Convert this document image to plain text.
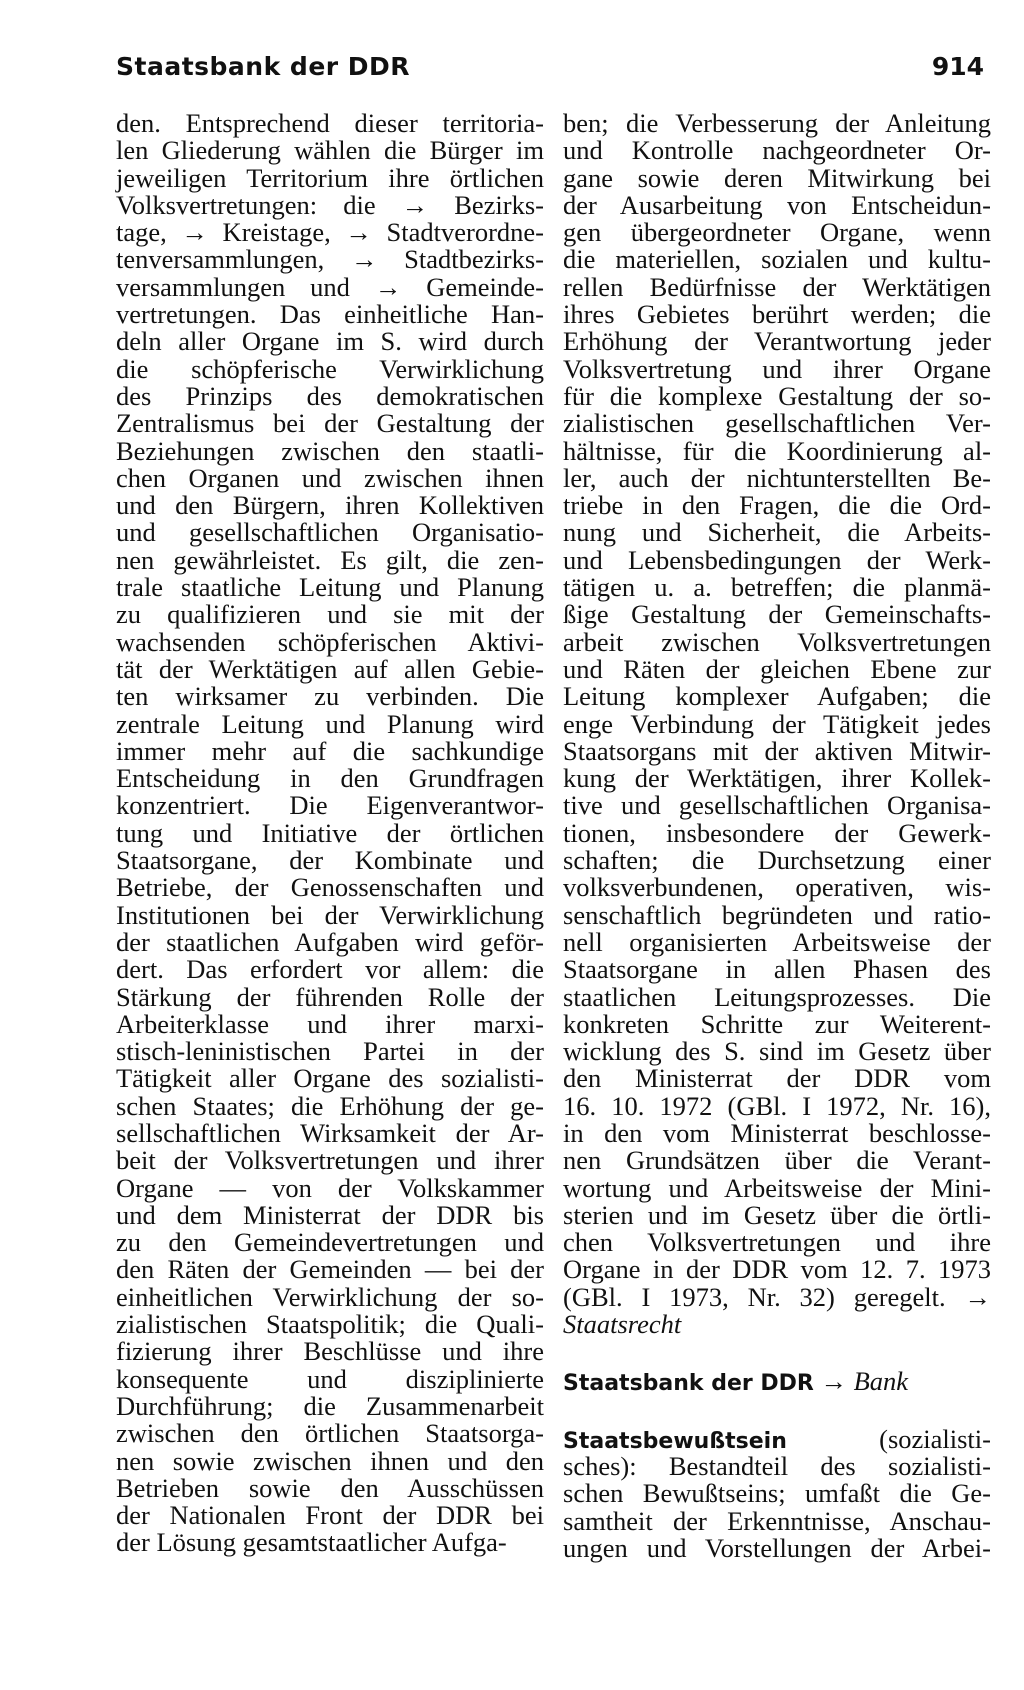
Staatsbank der DDR	914
den. Entsprechend dieser territoria-
len Gliederung wählen die Bürger im
jeweiligen Territorium ihre örtlichen
Volksvertretungen: die → Bezirks-
tage, → Kreistage, → Stadtverordne-
tenversammlungen, → Stadtbezirks-
versammlungen und → Gemeinde-
vertretungen. Das einheitliche Han-
deln aller Organe im S. wird durch
die schöpferische Verwirklichung
des Prinzips des demokratischen
Zentralismus bei der Gestaltung der
Beziehungen zwischen den staatli-
chen Organen und zwischen ihnen
und den Bürgern, ihren Kollektiven
und gesellschaftlichen Organisatio-
nen gewährleistet. Es gilt, die zen-
trale staatliche Leitung und Planung
zu qualifizieren und sie mit der
wachsenden schöpferischen Aktivi-
tät der Werktätigen auf allen Gebie-
ten wirksamer zu verbinden. Die
zentrale Leitung und Planung wird
immer mehr auf die sachkundige
Entscheidung in den Grundfragen
konzentriert. Die Eigenverantwor-
tung und Initiative der örtlichen
Staatsorgane, der Kombinate und
Betriebe, der Genossenschaften und
Institutionen bei der Verwirklichung
der staatlichen Aufgaben wird geför-
dert. Das erfordert vor allem: die
Stärkung der führenden Rolle der
Arbeiterklasse und ihrer marxi-
stisch-leninistischen Partei in der
Tätigkeit aller Organe des sozialisti-
schen Staates; die Erhöhung der ge-
sellschaftlichen Wirksamkeit der Ar-
beit der Volksvertretungen und ihrer
Organe — von der Volkskammer
und dem Ministerrat der DDR bis
zu den Gemeindevertretungen und
den Räten der Gemeinden — bei der
einheitlichen Verwirklichung der so-
zialistischen Staatspolitik; die Quali-
fizierung ihrer Beschlüsse und ihre
konsequente und disziplinierte
Durchführung; die Zusammenarbeit
zwischen den örtlichen Staatsorga-
nen sowie zwischen ihnen und den
Betrieben sowie den Ausschüssen
der Nationalen Front der DDR bei
der Lösung gesamtstaatlicher Aufga-
ben; die Verbesserung der Anleitung
und Kontrolle nachgeordneter Or-
gane sowie deren Mitwirkung bei
der Ausarbeitung von Entscheidun-
gen übergeordneter Organe, wenn
die materiellen, sozialen und kultu-
rellen Bedürfnisse der Werktätigen
ihres Gebietes berührt werden; die
Erhöhung der Verantwortung jeder
Volksvertretung und ihrer Organe
für die komplexe Gestaltung der so-
zialistischen gesellschaftlichen Ver-
hältnisse, für die Koordinierung al-
ler, auch der nichtunterstellten Be-
triebe in den Fragen, die die Ord-
nung und Sicherheit, die Arbeits-
und Lebensbedingungen der Werk-
tätigen u. a. betreffen; die planmä-
ßige Gestaltung der Gemeinschafts-
arbeit zwischen Volksvertretungen
und Räten der gleichen Ebene zur
Leitung komplexer Aufgaben; die
enge Verbindung der Tätigkeit jedes
Staatsorgans mit der aktiven Mitwir-
kung der Werktätigen, ihrer Kollek-
tive und gesellschaftlichen Organisa-
tionen, insbesondere der Gewerk-
schaften; die Durchsetzung einer
volksverbundenen, operativen, wis-
senschaftlich begründeten und ratio-
nell organisierten Arbeitsweise der
Staatsorgane in allen Phasen des
staatlichen Leitungsprozesses. Die
konkreten Schritte zur Weiterent-
wicklung des S. sind im Gesetz über
den Ministerrat der DDR vom
16. 10. 1972 (GBl. I 1972, Nr. 16),
in den vom Ministerrat beschlosse-
nen Grundsätzen über die Verant-
wortung und Arbeitsweise der Mini-
sterien und im Gesetz über die örtli-
chen Volksvertretungen und ihre
Organe in der DDR vom 12. 7. 1973
(GBl. I 1973, Nr. 32) geregelt. →
Staatsrecht
Staatsbank der DDR → Bank
Staatsbewußtsein	(sozialisti-
sches): Bestandteil des sozialisti-
schen Bewußtseins; umfaßt die Ge-
samtheit der Erkenntnisse, Anschau-
ungen und Vorstellungen der Arbei-
